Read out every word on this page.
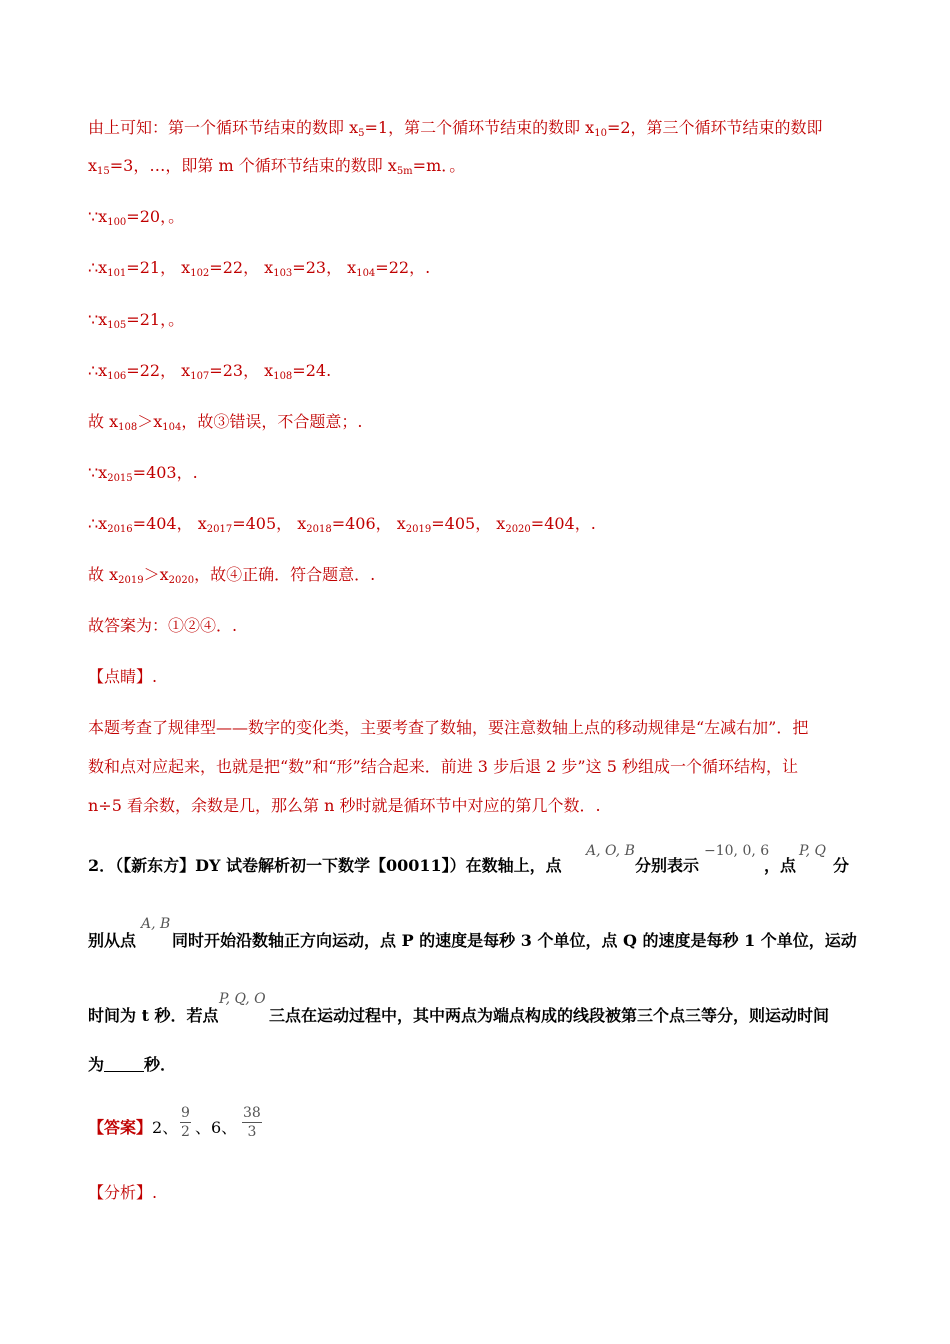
由上可知：第一个循环节结束的数即 $x_5=1$，第二个循环节结束的数即 $x_{10}=2$，第三个循环节结束的数即
$x_{15}=3$，…，即第 m 个循环节结束的数即 $x_{5m}=m$．。
$\because x_{100}=20$，。
$\therefore x_{101}=21$， $x_{102}=22$， $x_{103}=23$， $x_{104}=22$，.
$\because x_{105}=21$，。
$\therefore x_{106}=22$， $x_{107}=23$， $x_{108}=24$.
故 $x_{108}>x_{104}$，故③错误，不合题意；.
$\because x_{2015}=403$，.
$\therefore x_{2016}=404$， $x_{2017}=405$， $x_{2018}=406$， $x_{2019}=405$， $x_{2020}=404$，.
故 $x_{2019}>x_{2020}$，故④正确．符合题意．.
故答案为：①②④．.
【点睛】.
本题考查了规律型——数字的变化类，主要考查了数轴，要注意数轴上点的移动规律是“左减右加”．把
数和点对应起来，也就是把“数”和“形”结合起来．前进 3 步后退 2 步”这 5 秒组成一个循环结构，让
n÷5 看余数，余数是几，那么第 n 秒时就是循环节中对应的第几个数．.
2．（【新东方】DY 试卷解析初一下数学【00011】）在数轴上，点
A, O, B
分别表示
−10, 0, 6
，点
P, Q
分
别从点
A, B
同时开始沿数轴正方向运动，点 P 的速度是每秒 3 个单位，点 Q 的速度是每秒 1 个单位，运动
时间为 t 秒．若点
P, Q, O
三点在运动过程中，其中两点为端点构成的线段被第三个点三等分，则运动时间
为	秒．
【答案】2、
9
2 、6、
38
3
【分析】.
